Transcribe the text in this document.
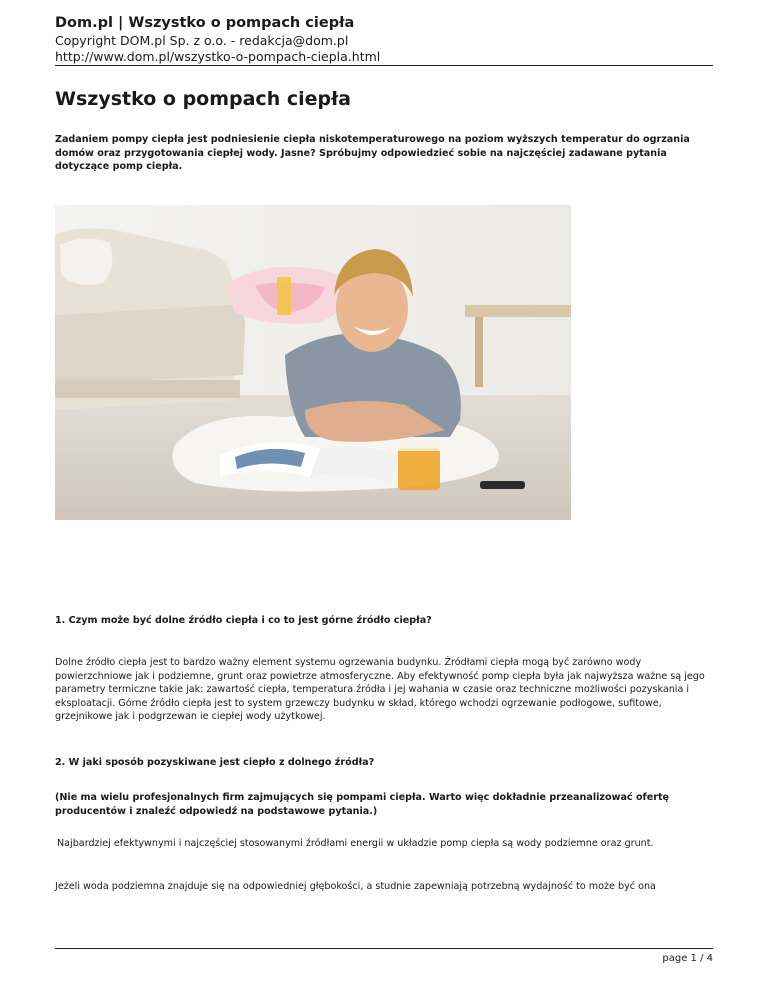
Dom.pl | Wszystko o pompach ciepła
Copyright DOM.pl Sp. z o.o. - redakcja@dom.pl
http://www.dom.pl/wszystko-o-pompach-ciepla.html
Wszystko o pompach ciepła

Zadaniem pompy ciepła jest podniesienie ciepła niskotemperaturowego na poziom wyższych temperatur do ogrzania domów oraz przygotowania ciepłej wody. Jasne? Spróbujmy odpowiedzieć sobie na najczęściej zadawane pytania dotyczące pomp ciepła.

1. Czym może być dolne źródło ciepła i co to jest górne źródło ciepła?

Dolne źródło ciepła jest to bardzo ważny element systemu ogrzewania budynku. Źródłami ciepła mogą być zarówno wody powierzchniowe jak i podziemne, grunt oraz powietrze atmosferyczne. Aby efektywność pomp ciepła była jak najwyższa ważne są jego parametry termiczne takie jak: zawartość ciepła, temperatura źródła i jej wahania w czasie oraz techniczne możliwości pozyskania i eksploatacji. Górne źródło ciepła jest to system grzewczy budynku w skład, którego wchodzi ogrzewanie podłogowe, sufitowe, grzejnikowe jak i podgrzewan ie ciepłej wody użytkowej.

2. W jaki sposób pozyskiwane jest ciepło z dolnego źródła?

(Nie ma wielu profesjonalnych firm zajmujących się pompami ciepła. Warto więc dokładnie przeanalizować ofertę producentów i znaleźć odpowiedź na podstawowe pytania.)

Najbardziej efektywnymi i najczęściej stosowanymi źródłami energii w układzie pomp ciepła są wody podziemne oraz grunt.

Jeżeli woda podziemna znajduje się na odpowiedniej głębokości, a studnie zapewniają potrzebną wydajność to może być ona

page 1 / 4
